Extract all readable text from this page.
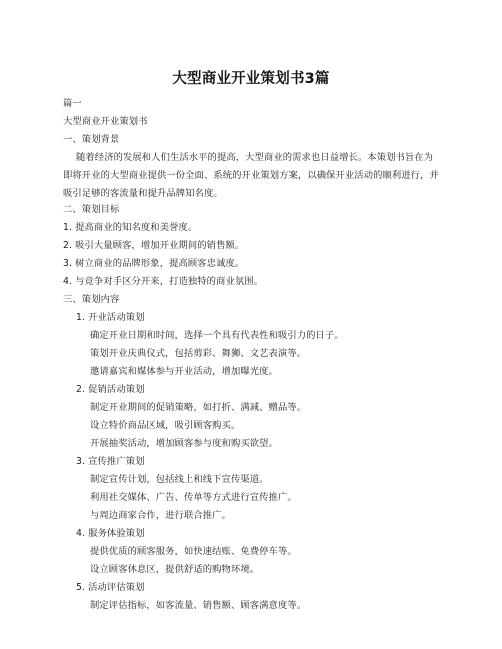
大型商业开业策划书3篇
篇一
大型商业开业策划书
一、策划背景
随着经济的发展和人们生活水平的提高，大型商业的需求也日益增长。本策划书旨在为即将开业的大型商业提供一份全面、系统的开业策划方案，以确保开业活动的顺利进行，并吸引足够的客流量和提升品牌知名度。
二、策划目标
1. 提高商业的知名度和美誉度。
2. 吸引大量顾客，增加开业期间的销售额。
3. 树立商业的品牌形象，提高顾客忠诚度。
4. 与竞争对手区分开来，打造独特的商业氛围。
三、策划内容
1. 开业活动策划
确定开业日期和时间，选择一个具有代表性和吸引力的日子。
策划开业庆典仪式，包括剪彩、舞狮、文艺表演等。
邀请嘉宾和媒体参与开业活动，增加曝光度。
2. 促销活动策划
制定开业期间的促销策略，如打折、满减、赠品等。
设立特价商品区域，吸引顾客购买。
开展抽奖活动，增加顾客参与度和购买欲望。
3. 宣传推广策划
制定宣传计划，包括线上和线下宣传渠道。
利用社交媒体、广告、传单等方式进行宣传推广。
与周边商家合作，进行联合推广。
4. 服务体验策划
提供优质的顾客服务，如快速结账、免费停车等。
设立顾客休息区，提供舒适的购物环境。
5. 活动评估策划
制定评估指标，如客流量、销售额、顾客满意度等。
